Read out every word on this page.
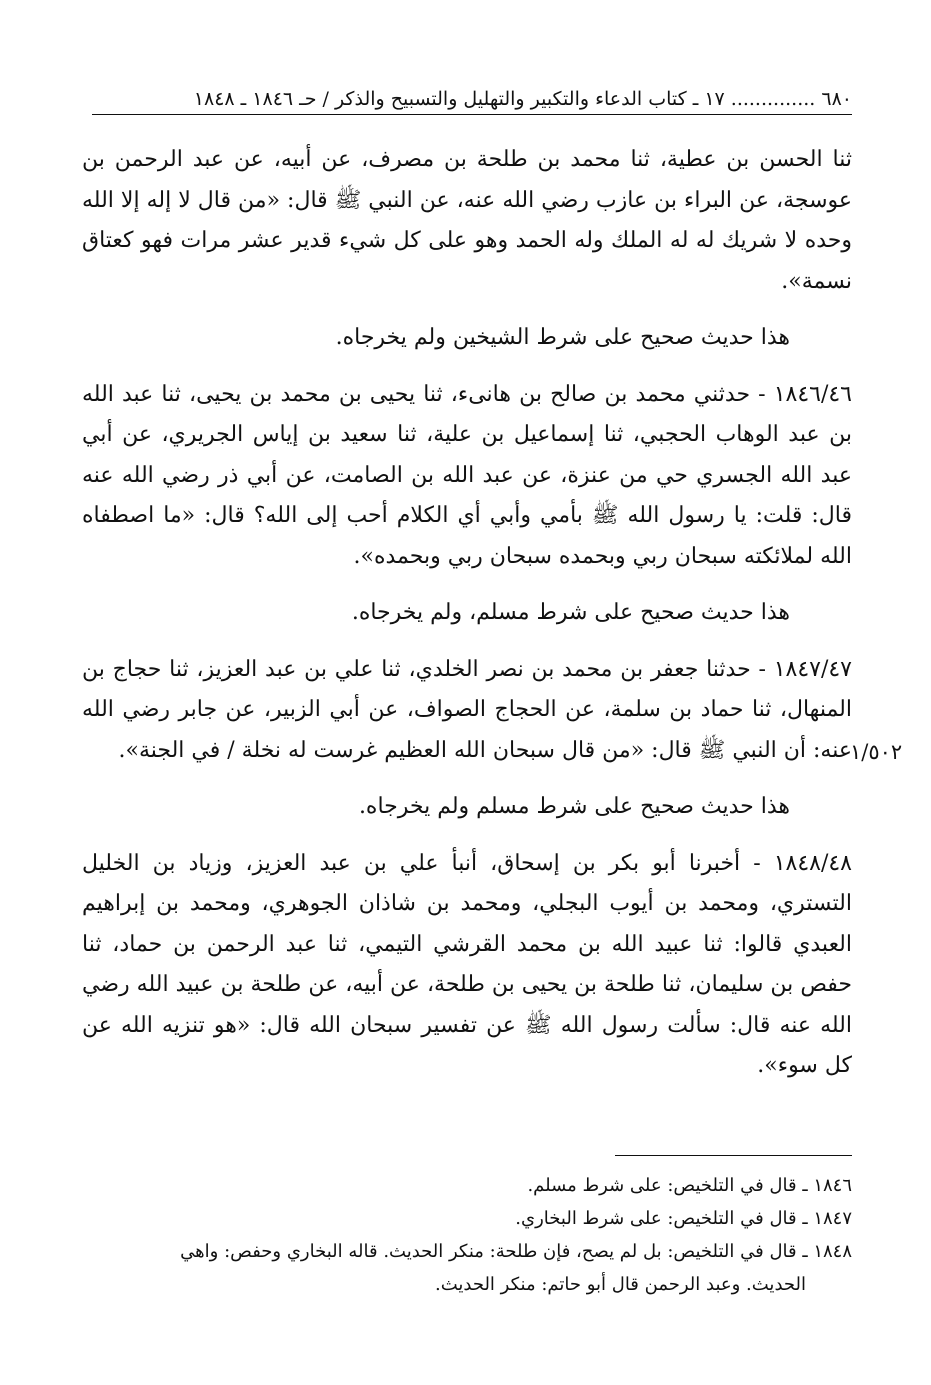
٦٨٠ .............. ١٧ ـ كتاب الدعاء والتكبير والتهليل والتسبيح والذكر / حـ ١٨٤٦ ـ ١٨٤٨

ثنا الحسن بن عطية، ثنا محمد بن طلحة بن مصرف، عن أبيه، عن عبد الرحمن بن عوسجة، عن البراء بن عازب رضي الله عنه، عن النبي ﷺ قال: «من قال لا إله إلا الله وحده لا شريك له له الملك وله الحمد وهو على كل شيء قدير عشر مرات فهو كعتاق نسمة».

هذا حديث صحيح على شرط الشيخين ولم يخرجاه.

١٨٤٦/٤٦ - حدثني محمد بن صالح بن هانىء، ثنا يحيى بن محمد بن يحيى، ثنا عبد الله بن عبد الوهاب الحجبي، ثنا إسماعيل بن علية، ثنا سعيد بن إياس الجريري، عن أبي عبد الله الجسري حي من عنزة، عن عبد الله بن الصامت، عن أبي ذر رضي الله عنه قال: قلت: يا رسول الله ﷺ بأمي وأبي أي الكلام أحب إلى الله؟ قال: «ما اصطفاه الله لملائكته سبحان ربي وبحمده سبحان ربي وبحمده».

هذا حديث صحيح على شرط مسلم، ولم يخرجاه.

١٨٤٧/٤٧ - حدثنا جعفر بن محمد بن نصر الخلدي، ثنا علي بن عبد العزيز، ثنا حجاج بن المنهال، ثنا حماد بن سلمة، عن الحجاج الصواف، عن أبي الزبير، عن جابر رضي الله عنه: أن النبي ﷺ قال: «من قال سبحان الله العظيم غرست له نخلة / في الجنة».

هذا حديث صحيح على شرط مسلم ولم يخرجاه.

١٨٤٨/٤٨ - أخبرنا أبو بكر بن إسحاق، أنبأ علي بن عبد العزيز، وزياد بن الخليل التستري، ومحمد بن أيوب البجلي، ومحمد بن شاذان الجوهري، ومحمد بن إبراهيم العبدي قالوا: ثنا عبيد الله بن محمد القرشي التيمي، ثنا عبد الرحمن بن حماد، ثنا حفص بن سليمان، ثنا طلحة بن يحيى بن طلحة، عن أبيه، عن طلحة بن عبيد الله رضي الله عنه قال: سألت رسول الله ﷺ عن تفسير سبحان الله قال: «هو تنزيه الله عن كل سوء».

١/٥٠٢
١٨٤٦ ـ قال في التلخيص: على شرط مسلم.
١٨٤٧ ـ قال في التلخيص: على شرط البخاري.
١٨٤٨ ـ قال في التلخيص: بل لم يصح، فإن طلحة: منكر الحديث. قاله البخاري وحفص: واهي
الحديث. وعبد الرحمن قال أبو حاتم: منكر الحديث.
